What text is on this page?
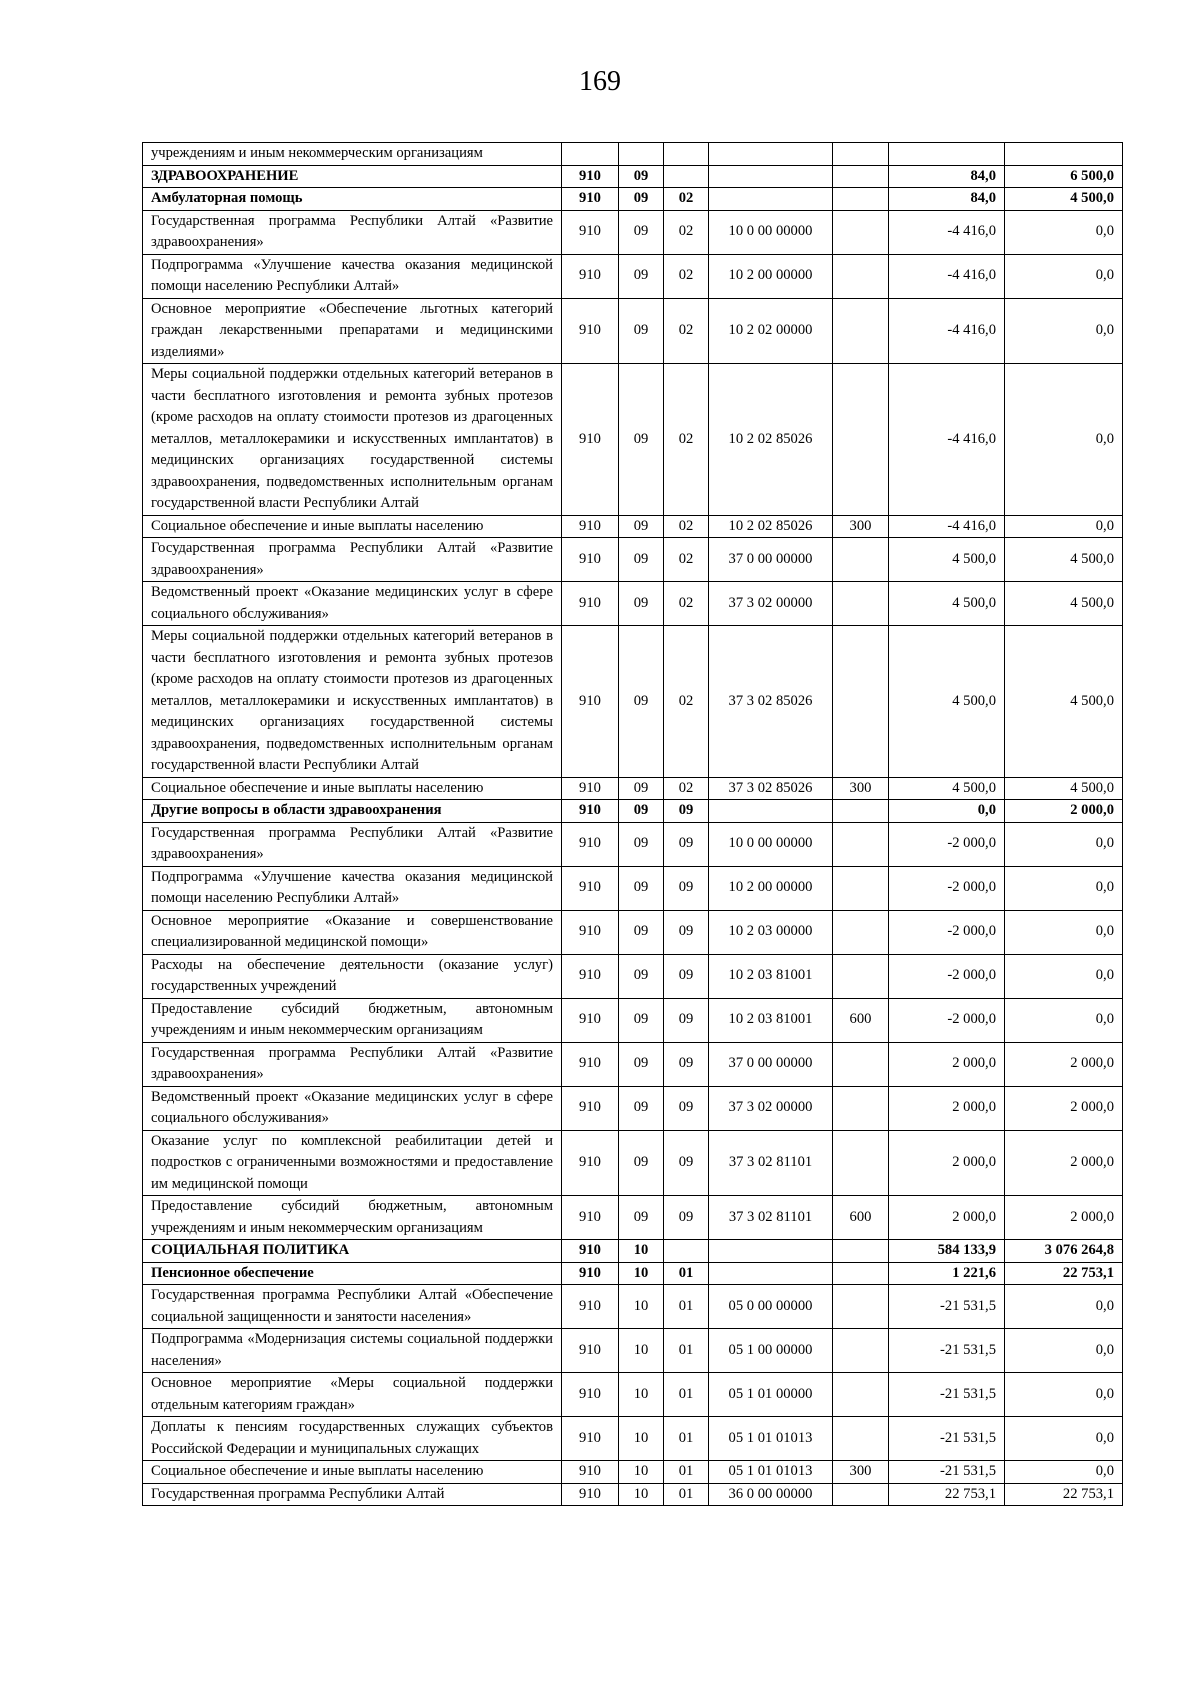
169
учреждениям и иным некоммерческим организациям							
ЗДРАВООХРАНЕНИЕ	910	09				84,0	6 500,0
Амбулаторная помощь	910	09	02			84,0	4 500,0
Государственная программа Республики Алтай «Развитие здравоохранения»	910	09	02	10 0 00 00000		-4 416,0	0,0
Подпрограмма «Улучшение качества оказания медицинской помощи населению Республики Алтай»	910	09	02	10 2 00 00000		-4 416,0	0,0
Основное мероприятие «Обеспечение льготных категорий граждан лекарственными препаратами и медицинскими изделиями»	910	09	02	10 2 02 00000		-4 416,0	0,0
Меры социальной поддержки отдельных категорий ветеранов в части бесплатного изготовления и ремонта зубных протезов (кроме расходов на оплату стоимости протезов из драгоценных металлов, металлокерамики и искусственных имплантатов) в медицинских организациях государственной системы здравоохранения, подведомственных исполнительным органам государственной власти Республики Алтай	910	09	02	10 2 02 85026		-4 416,0	0,0
Социальное обеспечение и иные выплаты населению	910	09	02	10 2 02 85026	300	-4 416,0	0,0
Государственная программа Республики Алтай «Развитие здравоохранения»	910	09	02	37 0 00 00000		4 500,0	4 500,0
Ведомственный проект «Оказание медицинских услуг в сфере социального обслуживания»	910	09	02	37 3 02 00000		4 500,0	4 500,0
Меры социальной поддержки отдельных категорий ветеранов в части бесплатного изготовления и ремонта зубных протезов (кроме расходов на оплату стоимости протезов из драгоценных металлов, металлокерамики и искусственных имплантатов) в медицинских организациях государственной системы здравоохранения, подведомственных исполнительным органам государственной власти Республики Алтай	910	09	02	37 3 02 85026		4 500,0	4 500,0
Социальное обеспечение и иные выплаты населению	910	09	02	37 3 02 85026	300	4 500,0	4 500,0
Другие вопросы в области здравоохранения	910	09	09			0,0	2 000,0
Государственная программа Республики Алтай «Развитие здравоохранения»	910	09	09	10 0 00 00000		-2 000,0	0,0
Подпрограмма «Улучшение качества оказания медицинской помощи населению Республики Алтай»	910	09	09	10 2 00 00000		-2 000,0	0,0
Основное мероприятие «Оказание и совершенствование специализированной медицинской помощи»	910	09	09	10 2 03 00000		-2 000,0	0,0
Расходы на обеспечение деятельности (оказание услуг) государственных учреждений	910	09	09	10 2 03 81001		-2 000,0	0,0
Предоставление субсидий бюджетным, автономным учреждениям и иным некоммерческим организациям	910	09	09	10 2 03 81001	600	-2 000,0	0,0
Государственная программа Республики Алтай «Развитие здравоохранения»	910	09	09	37 0 00 00000		2 000,0	2 000,0
Ведомственный проект «Оказание медицинских услуг в сфере социального обслуживания»	910	09	09	37 3 02 00000		2 000,0	2 000,0
Оказание услуг по комплексной реабилитации детей и подростков с ограниченными возможностями и предоставление им медицинской помощи	910	09	09	37 3 02 81101		2 000,0	2 000,0
Предоставление субсидий бюджетным, автономным учреждениям и иным некоммерческим организациям	910	09	09	37 3 02 81101	600	2 000,0	2 000,0
СОЦИАЛЬНАЯ ПОЛИТИКА	910	10				584 133,9	3 076 264,8
Пенсионное обеспечение	910	10	01			1 221,6	22 753,1
Государственная программа Республики Алтай «Обеспечение социальной защищенности и занятости населения»	910	10	01	05 0 00 00000		-21 531,5	0,0
Подпрограмма «Модернизация системы социальной поддержки населения»	910	10	01	05 1 00 00000		-21 531,5	0,0
Основное мероприятие «Меры социальной поддержки отдельным категориям граждан»	910	10	01	05 1 01 00000		-21 531,5	0,0
Доплаты к пенсиям государственных служащих субъектов Российской Федерации и муниципальных служащих	910	10	01	05 1 01 01013		-21 531,5	0,0
Социальное обеспечение и иные выплаты населению	910	10	01	05 1 01 01013	300	-21 531,5	0,0
Государственная программа Республики Алтай	910	10	01	36 0 00 00000		22 753,1	22 753,1
